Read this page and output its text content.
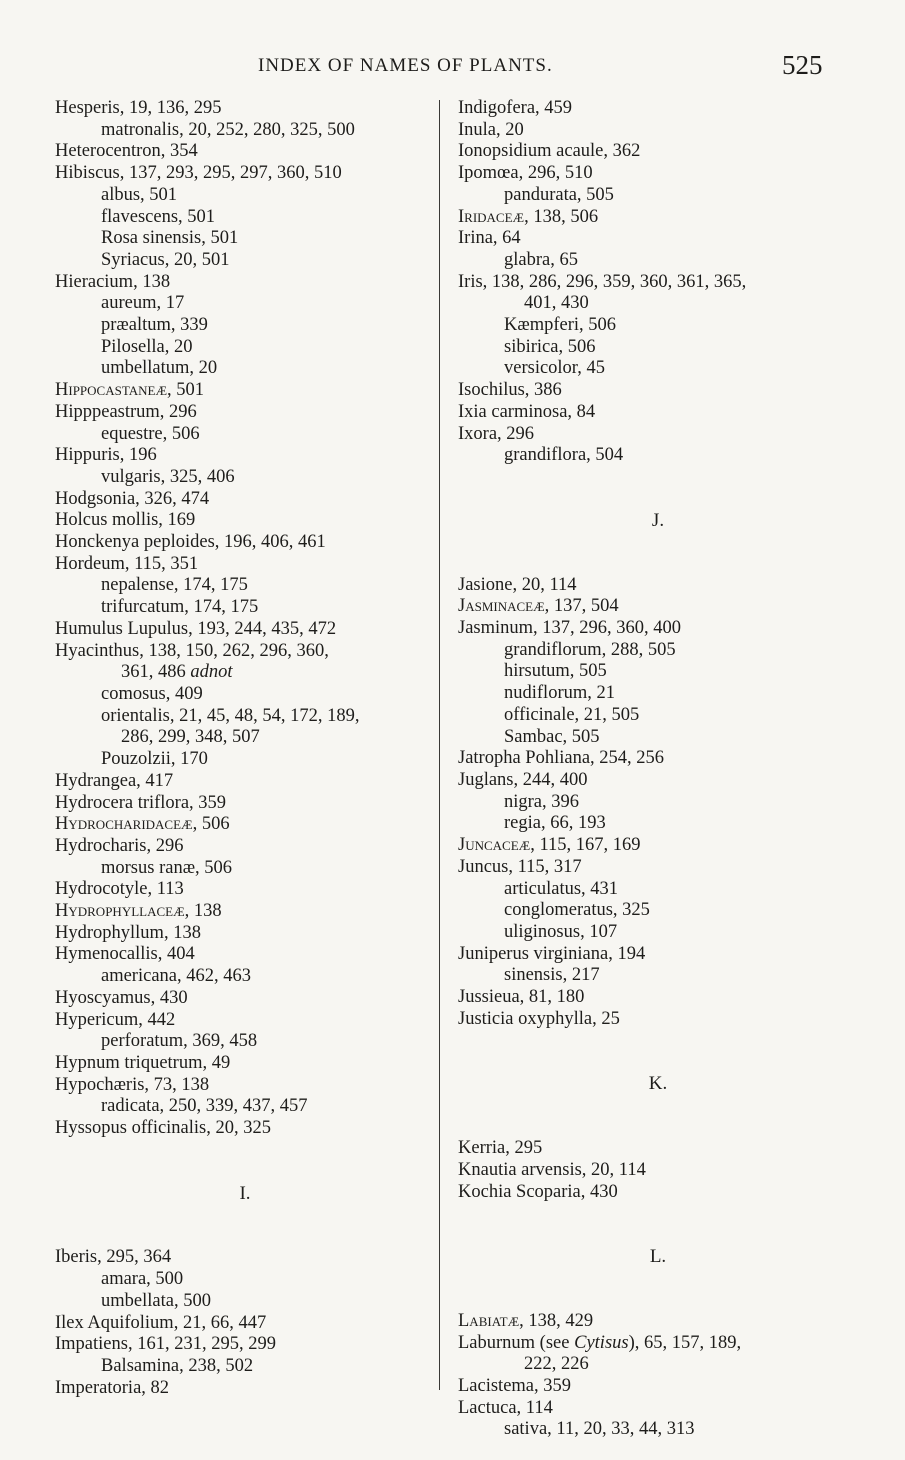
INDEX OF NAMES OF PLANTS.	525
Hesperis, 19, 136, 295
matronalis, 20, 252, 280, 325, 500
Heterocentron, 354
Hibiscus, 137, 293, 295, 297, 360, 510
albus, 501
flavescens, 501
Rosa sinensis, 501
Syriacus, 20, 501
Hieracium, 138
aureum, 17
præaltum, 339
Pilosella, 20
umbellatum, 20
Hippocastaneæ, 501
Hipppeastrum, 296
equestre, 506
Hippuris, 196
vulgaris, 325, 406
Hodgsonia, 326, 474
Holcus mollis, 169
Honckenya peploides, 196, 406, 461
Hordeum, 115, 351
nepalense, 174, 175
trifurcatum, 174, 175
Humulus Lupulus, 193, 244, 435, 472
Hyacinthus, 138, 150, 262, 296, 360,
361, 486 adnot
comosus, 409
orientalis, 21, 45, 48, 54, 172, 189,
286, 299, 348, 507
Pouzolzii, 170
Hydrangea, 417
Hydrocera triflora, 359
Hydrocharidaceæ, 506
Hydrocharis, 296
morsus ranæ, 506
Hydrocotyle, 113
Hydrophyllaceæ, 138
Hydrophyllum, 138
Hymenocallis, 404
americana, 462, 463
Hyoscyamus, 430
Hypericum, 442
perforatum, 369, 458
Hypnum triquetrum, 49
Hypochæris, 73, 138
radicata, 250, 339, 437, 457
Hyssopus officinalis, 20, 325
I.
Iberis, 295, 364
amara, 500
umbellata, 500
Ilex Aquifolium, 21, 66, 447
Impatiens, 161, 231, 295, 299
Balsamina, 238, 502
Imperatoria, 82
Indigofera, 459
Inula, 20
Ionopsidium acaule, 362
Ipomœa, 296, 510
pandurata, 505
Iridaceæ, 138, 506
Irina, 64
glabra, 65
Iris, 138, 286, 296, 359, 360, 361, 365,
401, 430
Kæmpferi, 506
sibirica, 506
versicolor, 45
Isochilus, 386
Ixia carminosa, 84
Ixora, 296
grandiflora, 504
J.
Jasione, 20, 114
Jasminaceæ, 137, 504
Jasminum, 137, 296, 360, 400
grandiflorum, 288, 505
hirsutum, 505
nudiflorum, 21
officinale, 21, 505
Sambac, 505
Jatropha Pohliana, 254, 256
Juglans, 244, 400
nigra, 396
regia, 66, 193
Juncaceæ, 115, 167, 169
Juncus, 115, 317
articulatus, 431
conglomeratus, 325
uliginosus, 107
Juniperus virginiana, 194
sinensis, 217
Jussieua, 81, 180
Justicia oxyphylla, 25
K.
Kerria, 295
Knautia arvensis, 20, 114
Kochia Scoparia, 430
L.
Labiatæ, 138, 429
Laburnum (see Cytisus), 65, 157, 189,
222, 226
Lacistema, 359
Lactuca, 114
sativa, 11, 20, 33, 44, 313
